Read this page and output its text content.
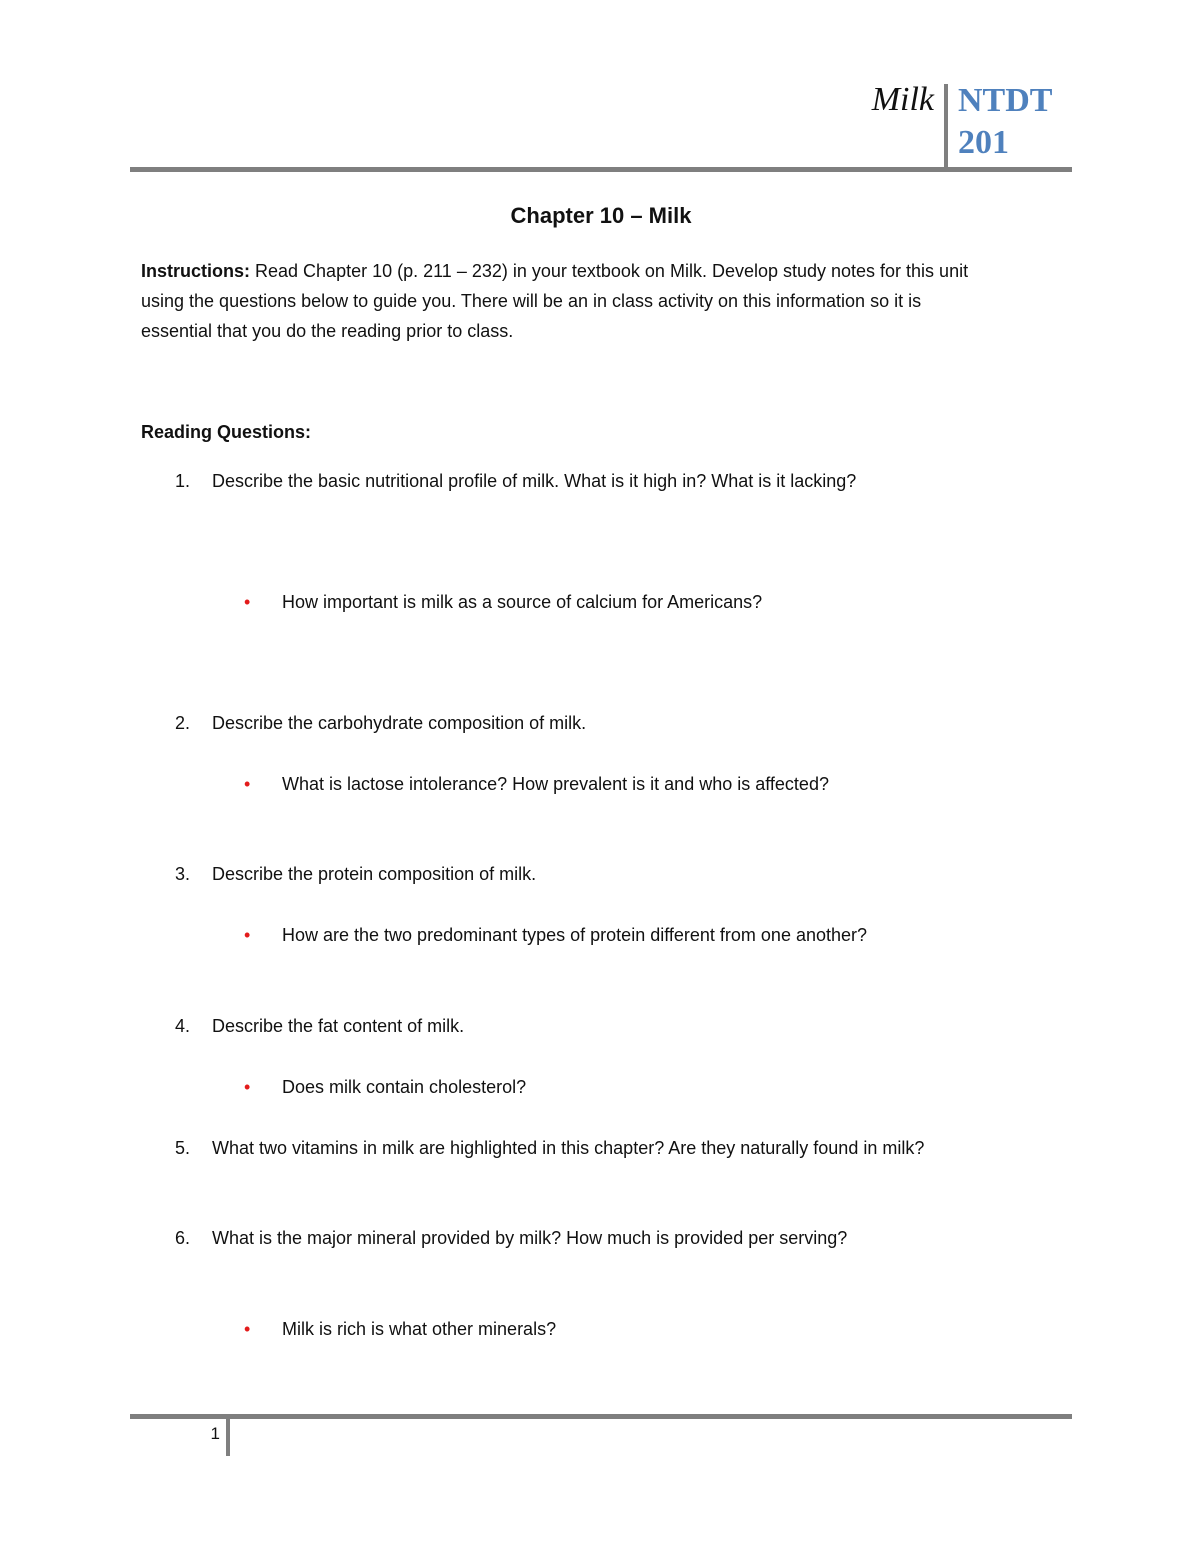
Milk NTDT
201
Chapter 10 – Milk
Instructions: Read Chapter 10 (p. 211 – 232) in your textbook on Milk. Develop study notes for this unit
using the questions below to guide you. There will be an in class activity on this information so it is
essential that you do the reading prior to class.
Reading Questions:
1. Describe the basic nutritional profile of milk. What is it high in? What is it lacking?
• How important is milk as a source of calcium for Americans?
2. Describe the carbohydrate composition of milk.
• What is lactose intolerance? How prevalent is it and who is affected?
3. Describe the protein composition of milk.
• How are the two predominant types of protein different from one another?
4. Describe the fat content of milk.
• Does milk contain cholesterol?
5. What two vitamins in milk are highlighted in this chapter? Are they naturally found in milk?
6. What is the major mineral provided by milk? How much is provided per serving?
• Milk is rich is what other minerals?
1
